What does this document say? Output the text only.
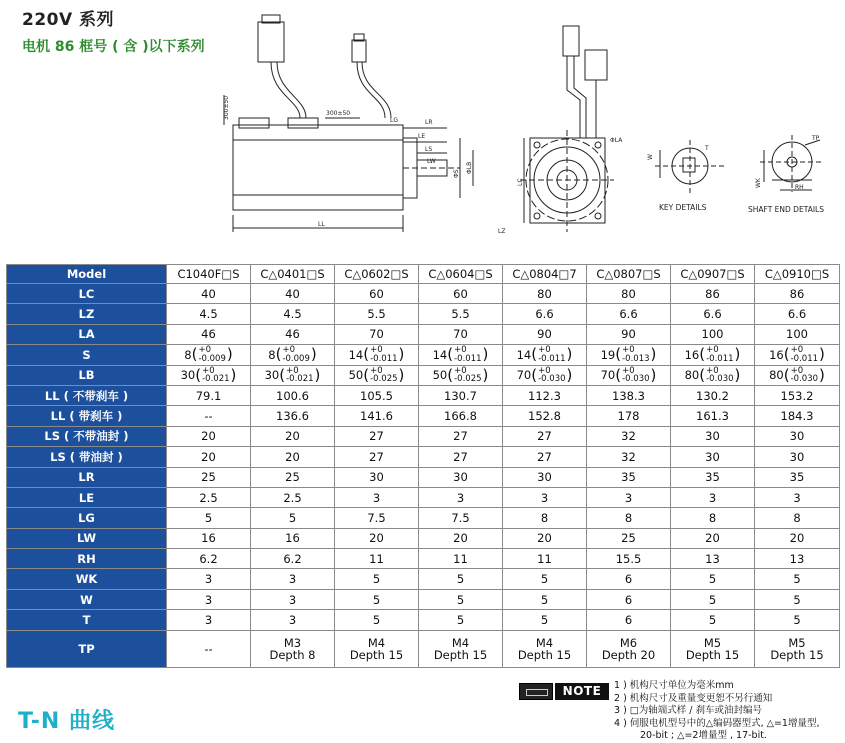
220V 系列
电机 86 框号 ( 含 )以下系列
300±50
300±50
LL
LG	LR
LE
LS
LW
ΦS ΦLB
LC
LZ
ΦLA
W
T
WK	RH
TP
KEY DETAILS	SHAFT END DETAILS
Model	C1040F□S	C△0401□S	C△0602□S	C△0604□S	C△0804□7	C△0807□S	C△0907□S	C△0910□S
LC	40	40	60	60	80	80	86	86
LZ	4.5	4.5	5.5	5.5	6.6	6.6	6.6	6.6
LA	46	46	70	70	90	90	100	100
S	8 ( +0
-0.009 )	8 ( +0
-0.009 )	14 ( +0
-0.011 )	14 ( +0
-0.011 )	14 ( +0
-0.011 )	19 ( +0
-0.013 )	16 ( +0
-0.011 )	16 ( +0
-0.011 )

LB	30 ( +0
-0.021 )	30 ( +0
-0.021 )	50 ( +0
-0.025 )	50 ( +0
-0.025 )	70 ( +0
-0.030 )	70 ( +0
-0.030 )	80 ( +0
-0.030 )	80 ( +0
-0.030 )

LL ( 不带刹车 )	79.1	100.6	105.5	130.7	112.3	138.3	130.2	153.2
LL ( 带刹车 )	--	136.6	141.6	166.8	152.8	178	161.3	184.3
LS ( 不带油封 )	20	20	27	27	27	32	30	30
LS ( 带油封 )	20	20	27	27	27	32	30	30
LR	25	25	30	30	30	35	35	35
LE	2.5	2.5	3	3	3	3	3	3
LG	5	5	7.5	7.5	8	8	8	8
LW	16	16	20	20	20	25	20	20
RH	6.2	6.2	11	11	11	15.5	13	13
WK	3	3	5	5	5	6	5	5
W	3	3	5	5	5	6	5	5
T	3	3	5	5	5	6	5	5
TP	--	M3
Depth 8	M4
Depth 15	M4
Depth 15	M4
Depth 15	M6
Depth 20	M5
Depth 15	M5
Depth 15
T-N 曲线
NOTE	1 ) 机构尺寸单位为毫米mm
2 ) 机构尺寸及重量变更恕不另行通知
3 ) □为轴端式样 / 刹车或油封编号
4 ) 伺服电机型号中的△编码器型式, △=1增量型,
20-bit ; △=2增量型 , 17-bit.
